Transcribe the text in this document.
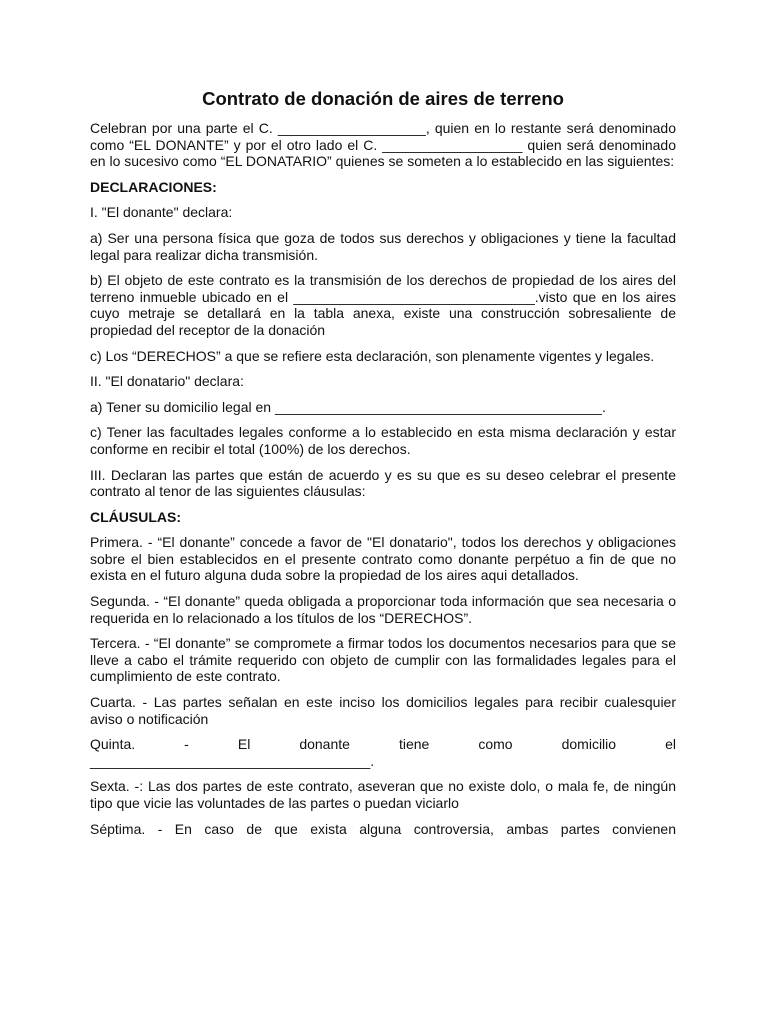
Contrato de donación de aires de terreno

Celebran por una parte el C. ___________________, quien en lo restante será denominado como “EL DONANTE” y por el otro lado el C. __________________ quien será denominado en lo sucesivo como “EL DONATARIO” quienes se someten a lo establecido en las siguientes:

DECLARACIONES:

I. "El donante" declara:

a) Ser una persona física que goza de todos sus derechos y obligaciones y tiene la facultad legal para realizar dicha transmisión.

b) El objeto de este contrato es la transmisión de los derechos de propiedad de los aires del terreno inmueble ubicado en el _______________________________.visto que en los aires cuyo metraje se detallará en la tabla anexa, existe una construcción sobresaliente de propiedad del receptor de la donación

c) Los “DERECHOS” a que se refiere esta declaración, son plenamente vigentes y legales.

II. "El donatario" declara:

a) Tener su domicilio legal en __________________________________________.

c) Tener las facultades legales conforme a lo establecido en esta misma declaración y estar conforme en recibir el total (100%) de los derechos.

III. Declaran las partes que están de acuerdo y es su que es su deseo celebrar el presente contrato al tenor de las siguientes cláusulas:

CLÁUSULAS:

Primera. - “El donante” concede a favor de "El donatario", todos los derechos y obligaciones sobre el bien establecidos en el presente contrato como donante perpétuo a fin de que no exista en el futuro alguna duda sobre la propiedad de los aires aqui detallados.

Segunda. - “El donante” queda obligada a proporcionar toda información que sea necesaria o requerida en lo relacionado a los títulos de los “DERECHOS”.

Tercera. - “El donante” se compromete a firmar todos los documentos necesarios para que se lleve a cabo el trámite requerido con objeto de cumplir con las formalidades legales para el cumplimiento de este contrato.

Cuarta. - Las partes señalan en este inciso los domicilios legales para recibir cualesquier aviso o notificación

Quinta. - El donante tiene como domicilio el

____________________________________.

Sexta. -: Las dos partes de este contrato, aseveran que no existe dolo, o mala fe, de ningún tipo que vicie las voluntades de las partes o puedan viciarlo

Séptima. - En caso de que exista alguna controversia, ambas partes convienen
